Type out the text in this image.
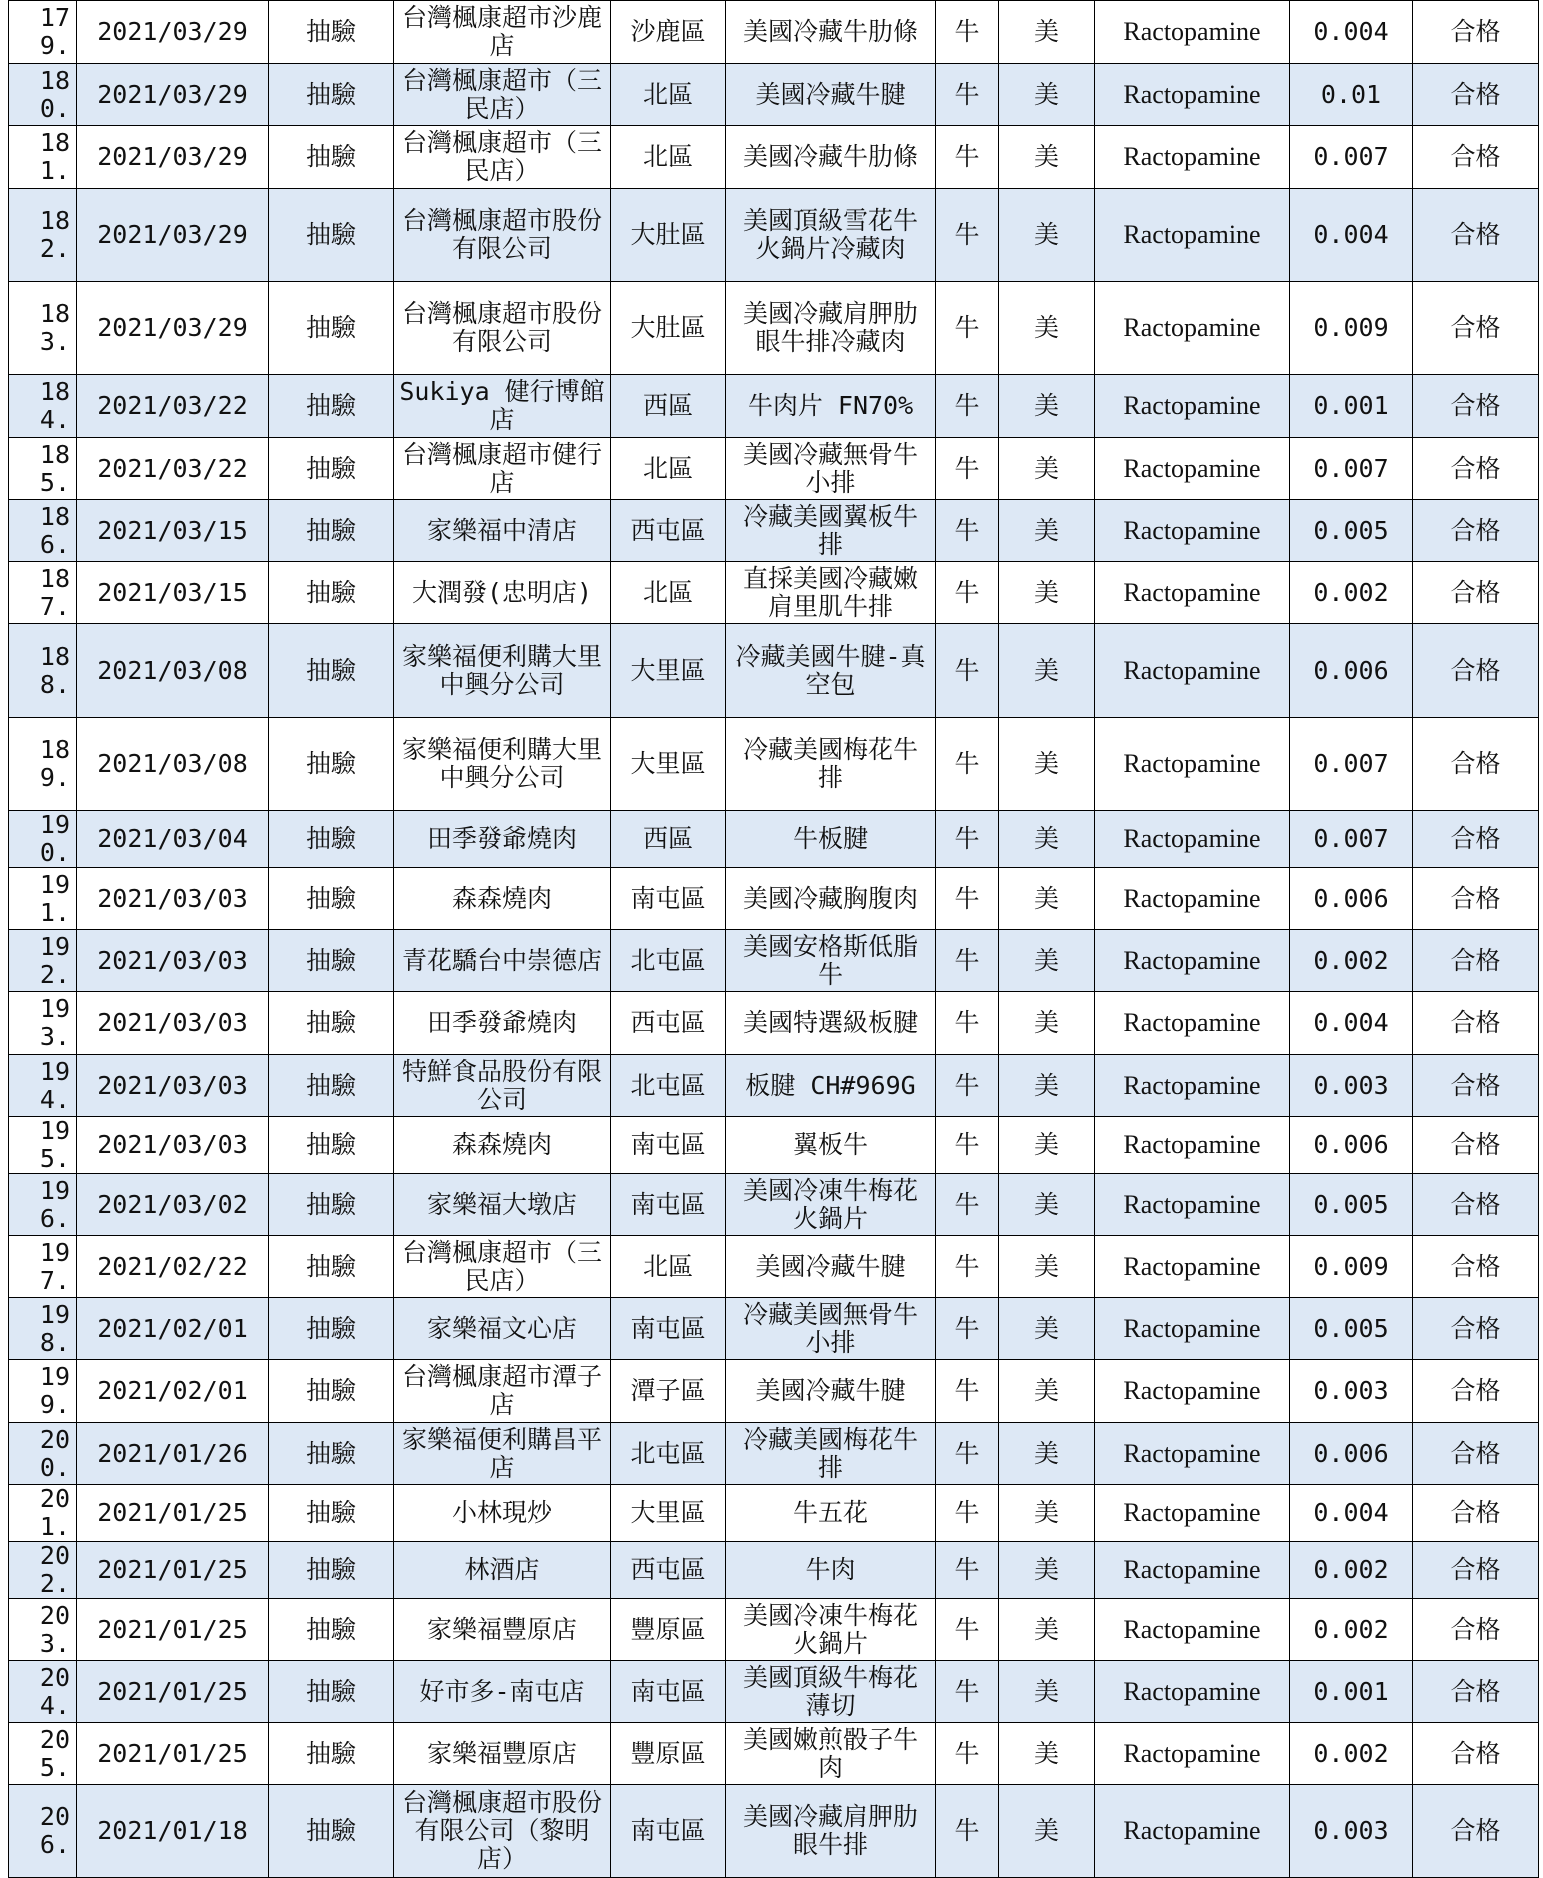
179.	2021/03/29	抽驗	台灣楓康超市沙鹿店	沙鹿區	美國冷藏牛肋條	牛	美	Ractopamine	0.004	合格
180.	2021/03/29	抽驗	台灣楓康超市（三民店）	北區	美國冷藏牛腱	牛	美	Ractopamine	0.01	合格
181.	2021/03/29	抽驗	台灣楓康超市（三民店）	北區	美國冷藏牛肋條	牛	美	Ractopamine	0.007	合格
182.	2021/03/29	抽驗	台灣楓康超市股份有限公司	大肚區	美國頂級雪花牛火鍋片冷藏肉	牛	美	Ractopamine	0.004	合格
183.	2021/03/29	抽驗	台灣楓康超市股份有限公司	大肚區	美國冷藏肩胛肋眼牛排冷藏肉	牛	美	Ractopamine	0.009	合格
184.	2021/03/22	抽驗	Sukiya 健行博館店	西區	牛肉片 FN70%	牛	美	Ractopamine	0.001	合格
185.	2021/03/22	抽驗	台灣楓康超市健行店	北區	美國冷藏無骨牛小排	牛	美	Ractopamine	0.007	合格
186.	2021/03/15	抽驗	家樂福中清店	西屯區	冷藏美國翼板牛排	牛	美	Ractopamine	0.005	合格
187.	2021/03/15	抽驗	大潤發(忠明店)	北區	直採美國冷藏嫩肩里肌牛排	牛	美	Ractopamine	0.002	合格
188.	2021/03/08	抽驗	家樂福便利購大里中興分公司	大里區	冷藏美國牛腱-真空包	牛	美	Ractopamine	0.006	合格
189.	2021/03/08	抽驗	家樂福便利購大里中興分公司	大里區	冷藏美國梅花牛排	牛	美	Ractopamine	0.007	合格
190.	2021/03/04	抽驗	田季發爺燒肉	西區	牛板腱	牛	美	Ractopamine	0.007	合格
191.	2021/03/03	抽驗	森森燒肉	南屯區	美國冷藏胸腹肉	牛	美	Ractopamine	0.006	合格
192.	2021/03/03	抽驗	青花驕台中崇德店	北屯區	美國安格斯低脂牛	牛	美	Ractopamine	0.002	合格
193.	2021/03/03	抽驗	田季發爺燒肉	西屯區	美國特選級板腱	牛	美	Ractopamine	0.004	合格
194.	2021/03/03	抽驗	特鮮食品股份有限公司	北屯區	板腱 CH#969G	牛	美	Ractopamine	0.003	合格
195.	2021/03/03	抽驗	森森燒肉	南屯區	翼板牛	牛	美	Ractopamine	0.006	合格
196.	2021/03/02	抽驗	家樂福大墩店	南屯區	美國冷凍牛梅花火鍋片	牛	美	Ractopamine	0.005	合格
197.	2021/02/22	抽驗	台灣楓康超市（三民店）	北區	美國冷藏牛腱	牛	美	Ractopamine	0.009	合格
198.	2021/02/01	抽驗	家樂福文心店	南屯區	冷藏美國無骨牛小排	牛	美	Ractopamine	0.005	合格
199.	2021/02/01	抽驗	台灣楓康超市潭子店	潭子區	美國冷藏牛腱	牛	美	Ractopamine	0.003	合格
200.	2021/01/26	抽驗	家樂福便利購昌平店	北屯區	冷藏美國梅花牛排	牛	美	Ractopamine	0.006	合格
201.	2021/01/25	抽驗	小林現炒	大里區	牛五花	牛	美	Ractopamine	0.004	合格
202.	2021/01/25	抽驗	林酒店	西屯區	牛肉	牛	美	Ractopamine	0.002	合格
203.	2021/01/25	抽驗	家樂福豐原店	豐原區	美國冷凍牛梅花火鍋片	牛	美	Ractopamine	0.002	合格
204.	2021/01/25	抽驗	好市多-南屯店	南屯區	美國頂級牛梅花薄切	牛	美	Ractopamine	0.001	合格
205.	2021/01/25	抽驗	家樂福豐原店	豐原區	美國嫩煎骰子牛肉	牛	美	Ractopamine	0.002	合格
206.	2021/01/18	抽驗	台灣楓康超市股份有限公司（黎明店）	南屯區	美國冷藏肩胛肋眼牛排	牛	美	Ractopamine	0.003	合格
